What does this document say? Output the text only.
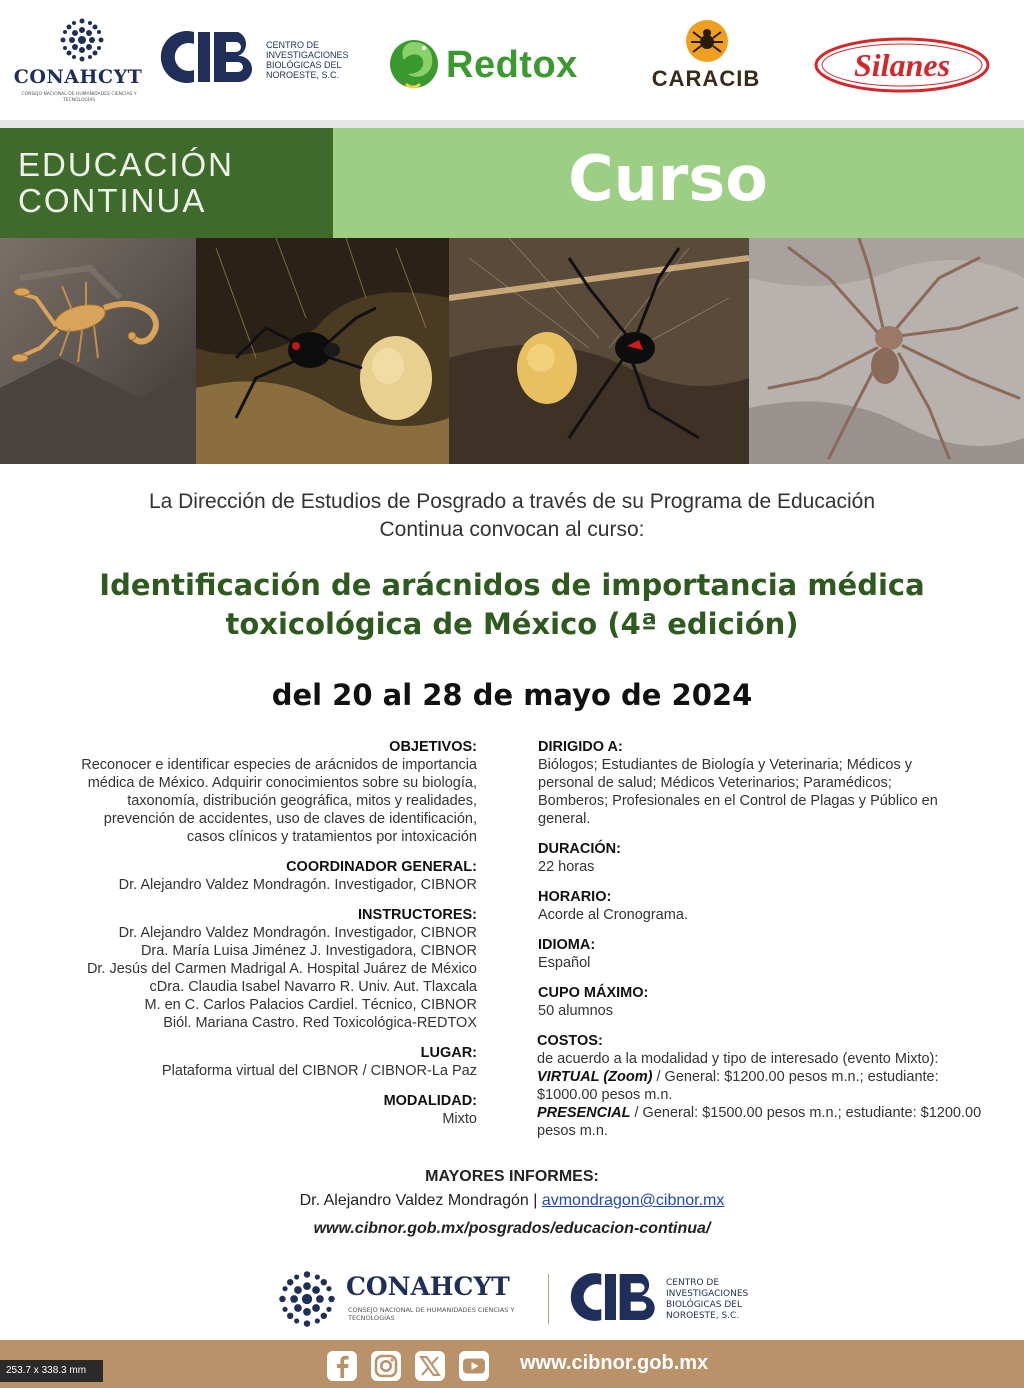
CONAHCYT
CONSEJO NACIONAL DE HUMANIDADES CIENCIAS Y TECNOLOGÍAS
CENTRO DE INVESTIGACIONES BIOLÓGICAS DEL NOROESTE, S.C.	Redtox	CARACIB	Silanes
EDUCACIÓN
CONTINUA	Curso
La Dirección de Estudios de Posgrado a través de su Programa de Educación
Continua convocan al curso:
Identificación de arácnidos de importancia médica
toxicológica de México (4ª edición)
del 20 al 28 de mayo de 2024
OBJETIVOS:
Reconocer e identificar especies de arácnidos de importancia
médica de México. Adquirir conocimientos sobre su biología,
taxonomía, distribución geográfica, mitos y realidades,
prevención de accidentes, uso de claves de identificación,
casos clínicos y tratamientos por intoxicación
COORDINADOR GENERAL:
Dr. Alejandro Valdez Mondragón. Investigador, CIBNOR
INSTRUCTORES:
Dr. Alejandro Valdez Mondragón. Investigador, CIBNOR
Dra. María Luisa Jiménez J. Investigadora, CIBNOR
Dr. Jesús del Carmen Madrigal A. Hospital Juárez de México
cDra. Claudia Isabel Navarro R. Univ. Aut. Tlaxcala
M. en C. Carlos Palacios Cardiel. Técnico, CIBNOR
Biól. Mariana Castro. Red Toxicológica-REDTOX
LUGAR:
Plataforma virtual del CIBNOR / CIBNOR-La Paz
MODALIDAD:
Mixto
DIRIGIDO A:
Biólogos; Estudiantes de Biología y Veterinaria; Médicos y
personal de salud; Médicos Veterinarios; Paramédicos;
Bomberos; Profesionales en el Control de Plagas y Público en
general.
DURACIÓN:
22 horas
HORARIO:
Acorde al Cronograma.
IDIOMA:
Español
CUPO MÁXIMO:
50 alumnos
COSTOS:
de acuerdo a la modalidad y tipo de interesado (evento Mixto):
VIRTUAL (Zoom) / General: $1200.00 pesos m.n.; estudiante:
$1000.00 pesos m.n.
PRESENCIAL / General: $1500.00 pesos m.n.; estudiante: $1200.00
pesos m.n.
MAYORES INFORMES:
Dr. Alejandro Valdez Mondragón | avmondragon@cibnor.mx
www.cibnor.gob.mx/posgrados/educacion-continua/
CONAHCYT
CONSEJO NACIONAL DE HUMANIDADES CIENCIAS Y TECNOLOGÍAS
CENTRO DE INVESTIGACIONES BIOLÓGICAS DEL NOROESTE, S.C.
253.7 x 338.3 mm	www.cibnor.gob.mx
